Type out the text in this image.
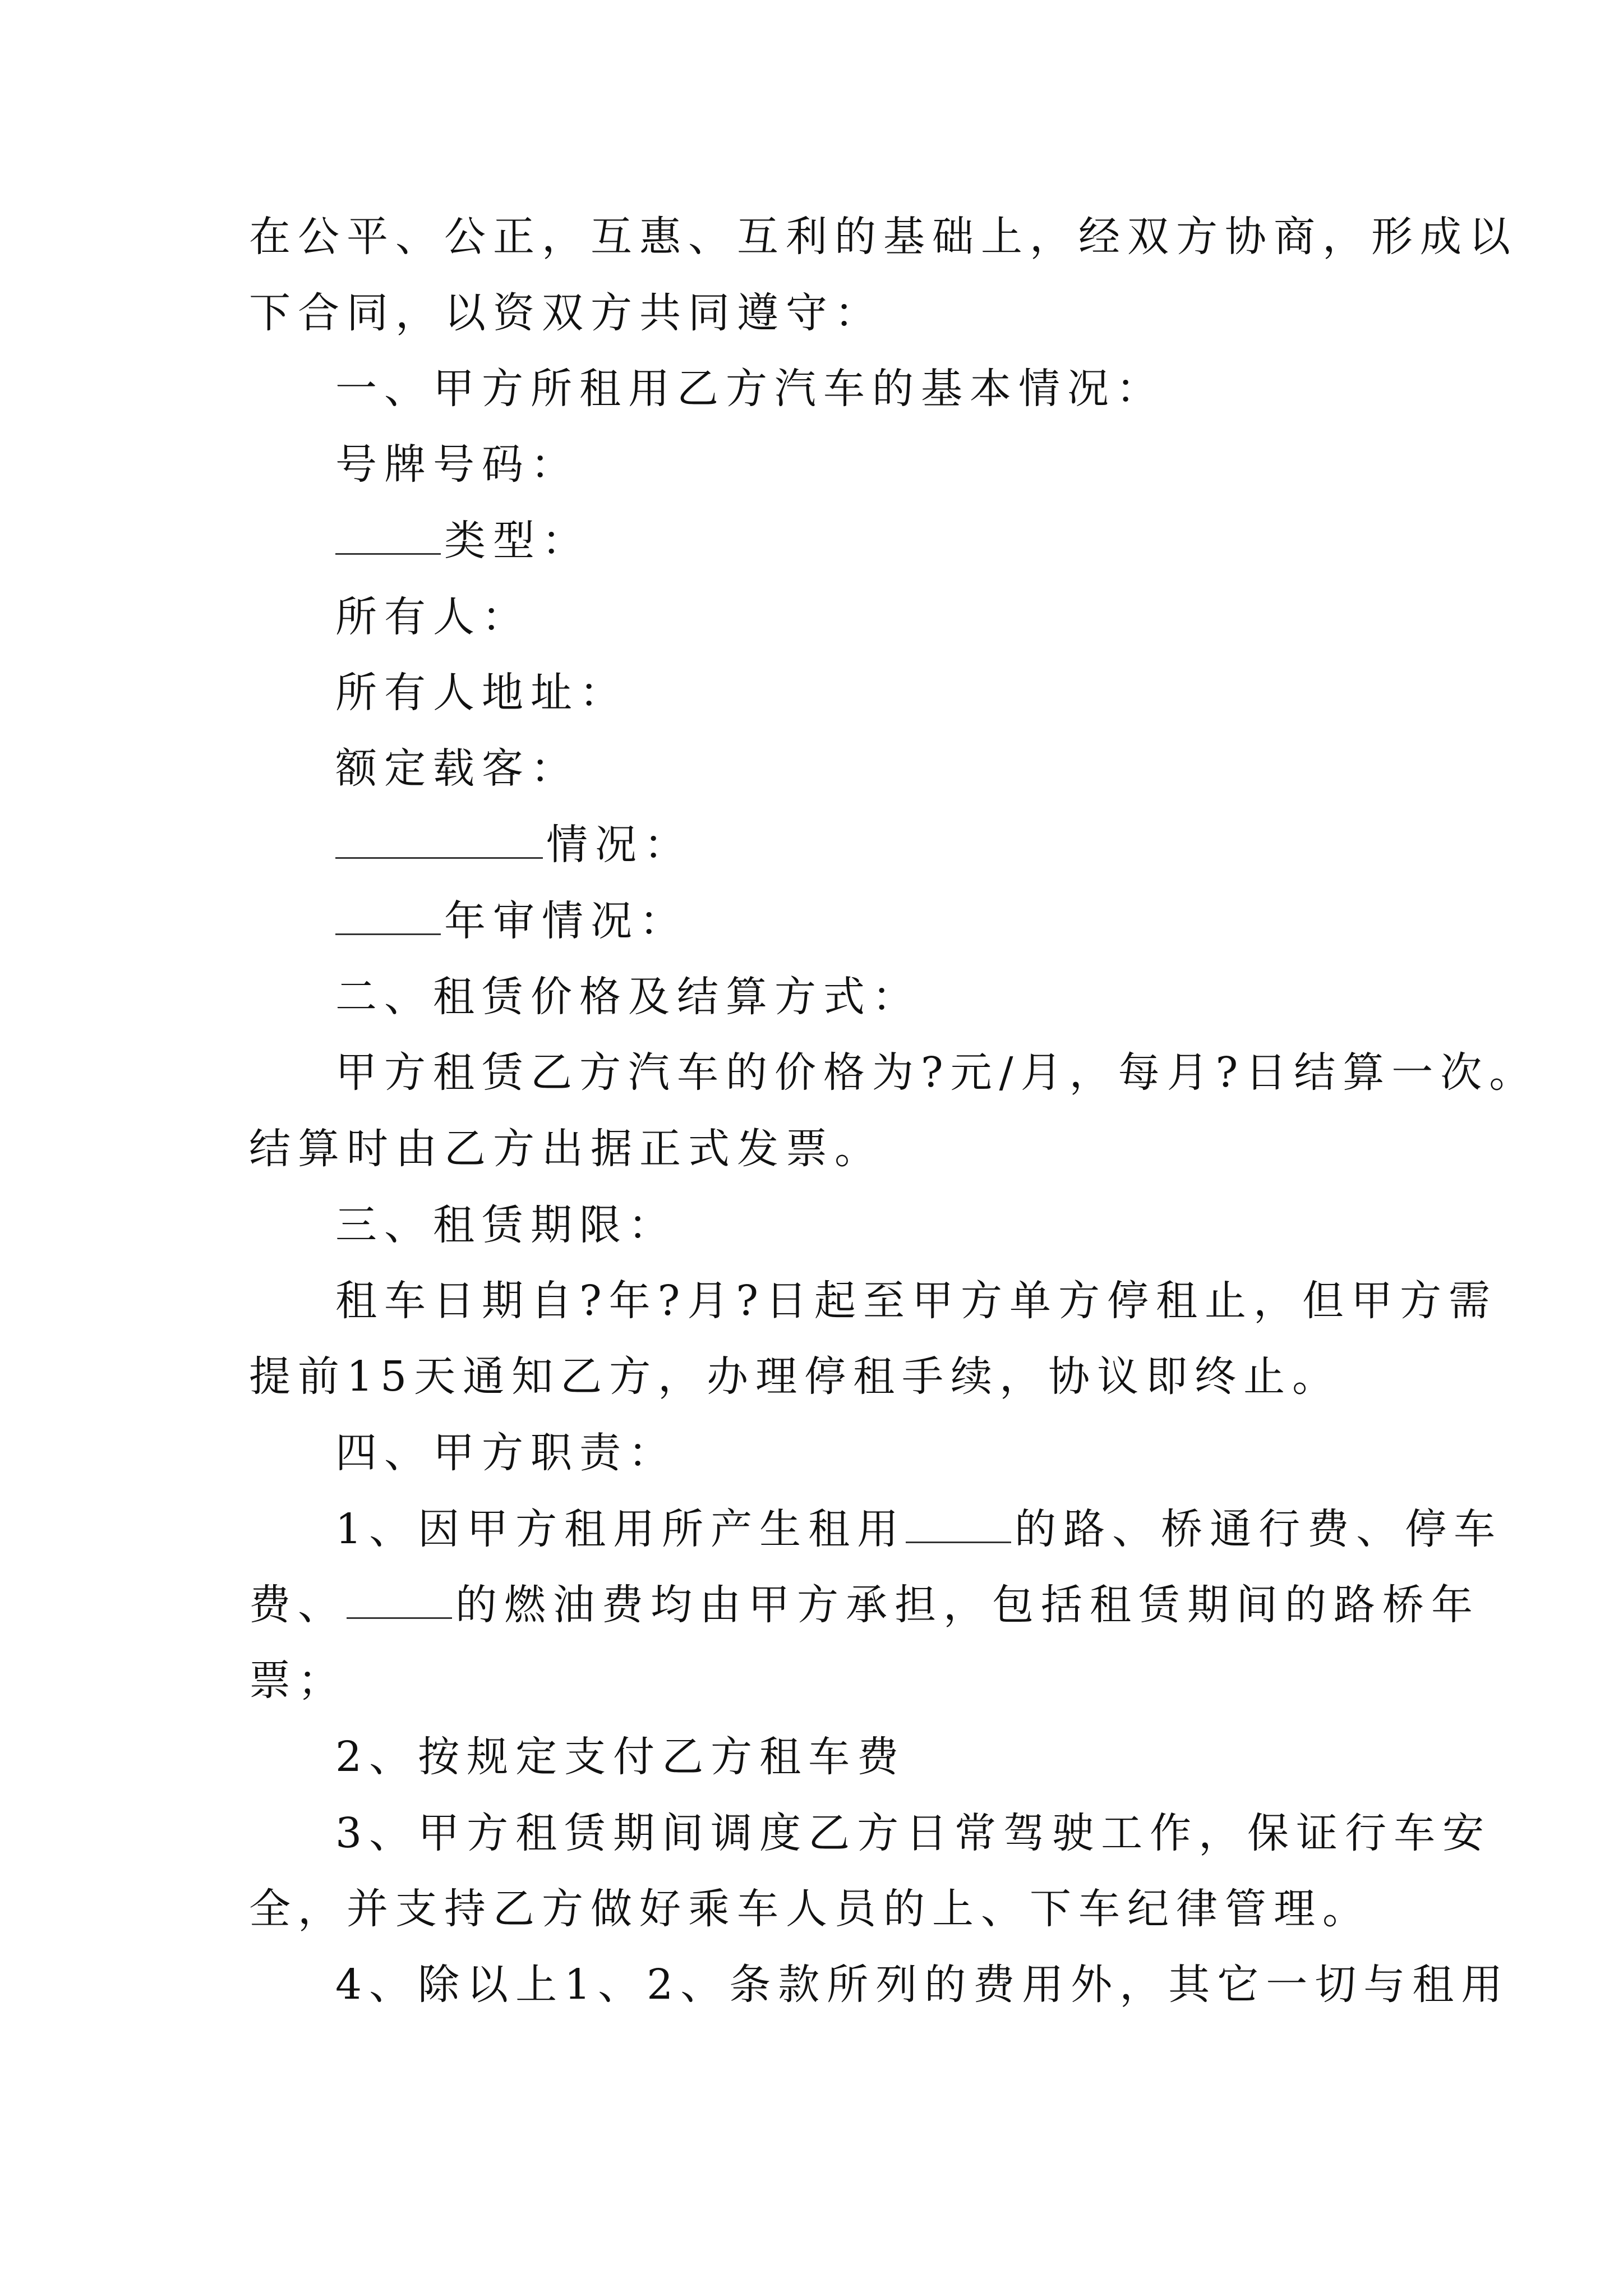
在公平、公正，互惠、互利的基础上，经双方协商，形成以
下合同，以资双方共同遵守：
一、甲方所租用乙方汽车的基本情况：
号牌号码：
类型：
所有人：
所有人地址：
额定载客：
情况：
年审情况：
二、租赁价格及结算方式：
甲方租赁乙方汽车的价格为?元/月，每月?日结算一次。
结算时由乙方出据正式发票。
三、租赁期限：
租车日期自?年?月?日起至甲方单方停租止，但甲方需
提前15天通知乙方，办理停租手续，协议即终止。
四、甲方职责：
1、因甲方租用所产生租用	的路、桥通行费、停车
费、	的燃油费均由甲方承担，包括租赁期间的路桥年
票；
2、按规定支付乙方租车费
3、甲方租赁期间调度乙方日常驾驶工作，保证行车安
全，并支持乙方做好乘车人员的上、下车纪律管理。
4、除以上1、2、条款所列的费用外，其它一切与租用
